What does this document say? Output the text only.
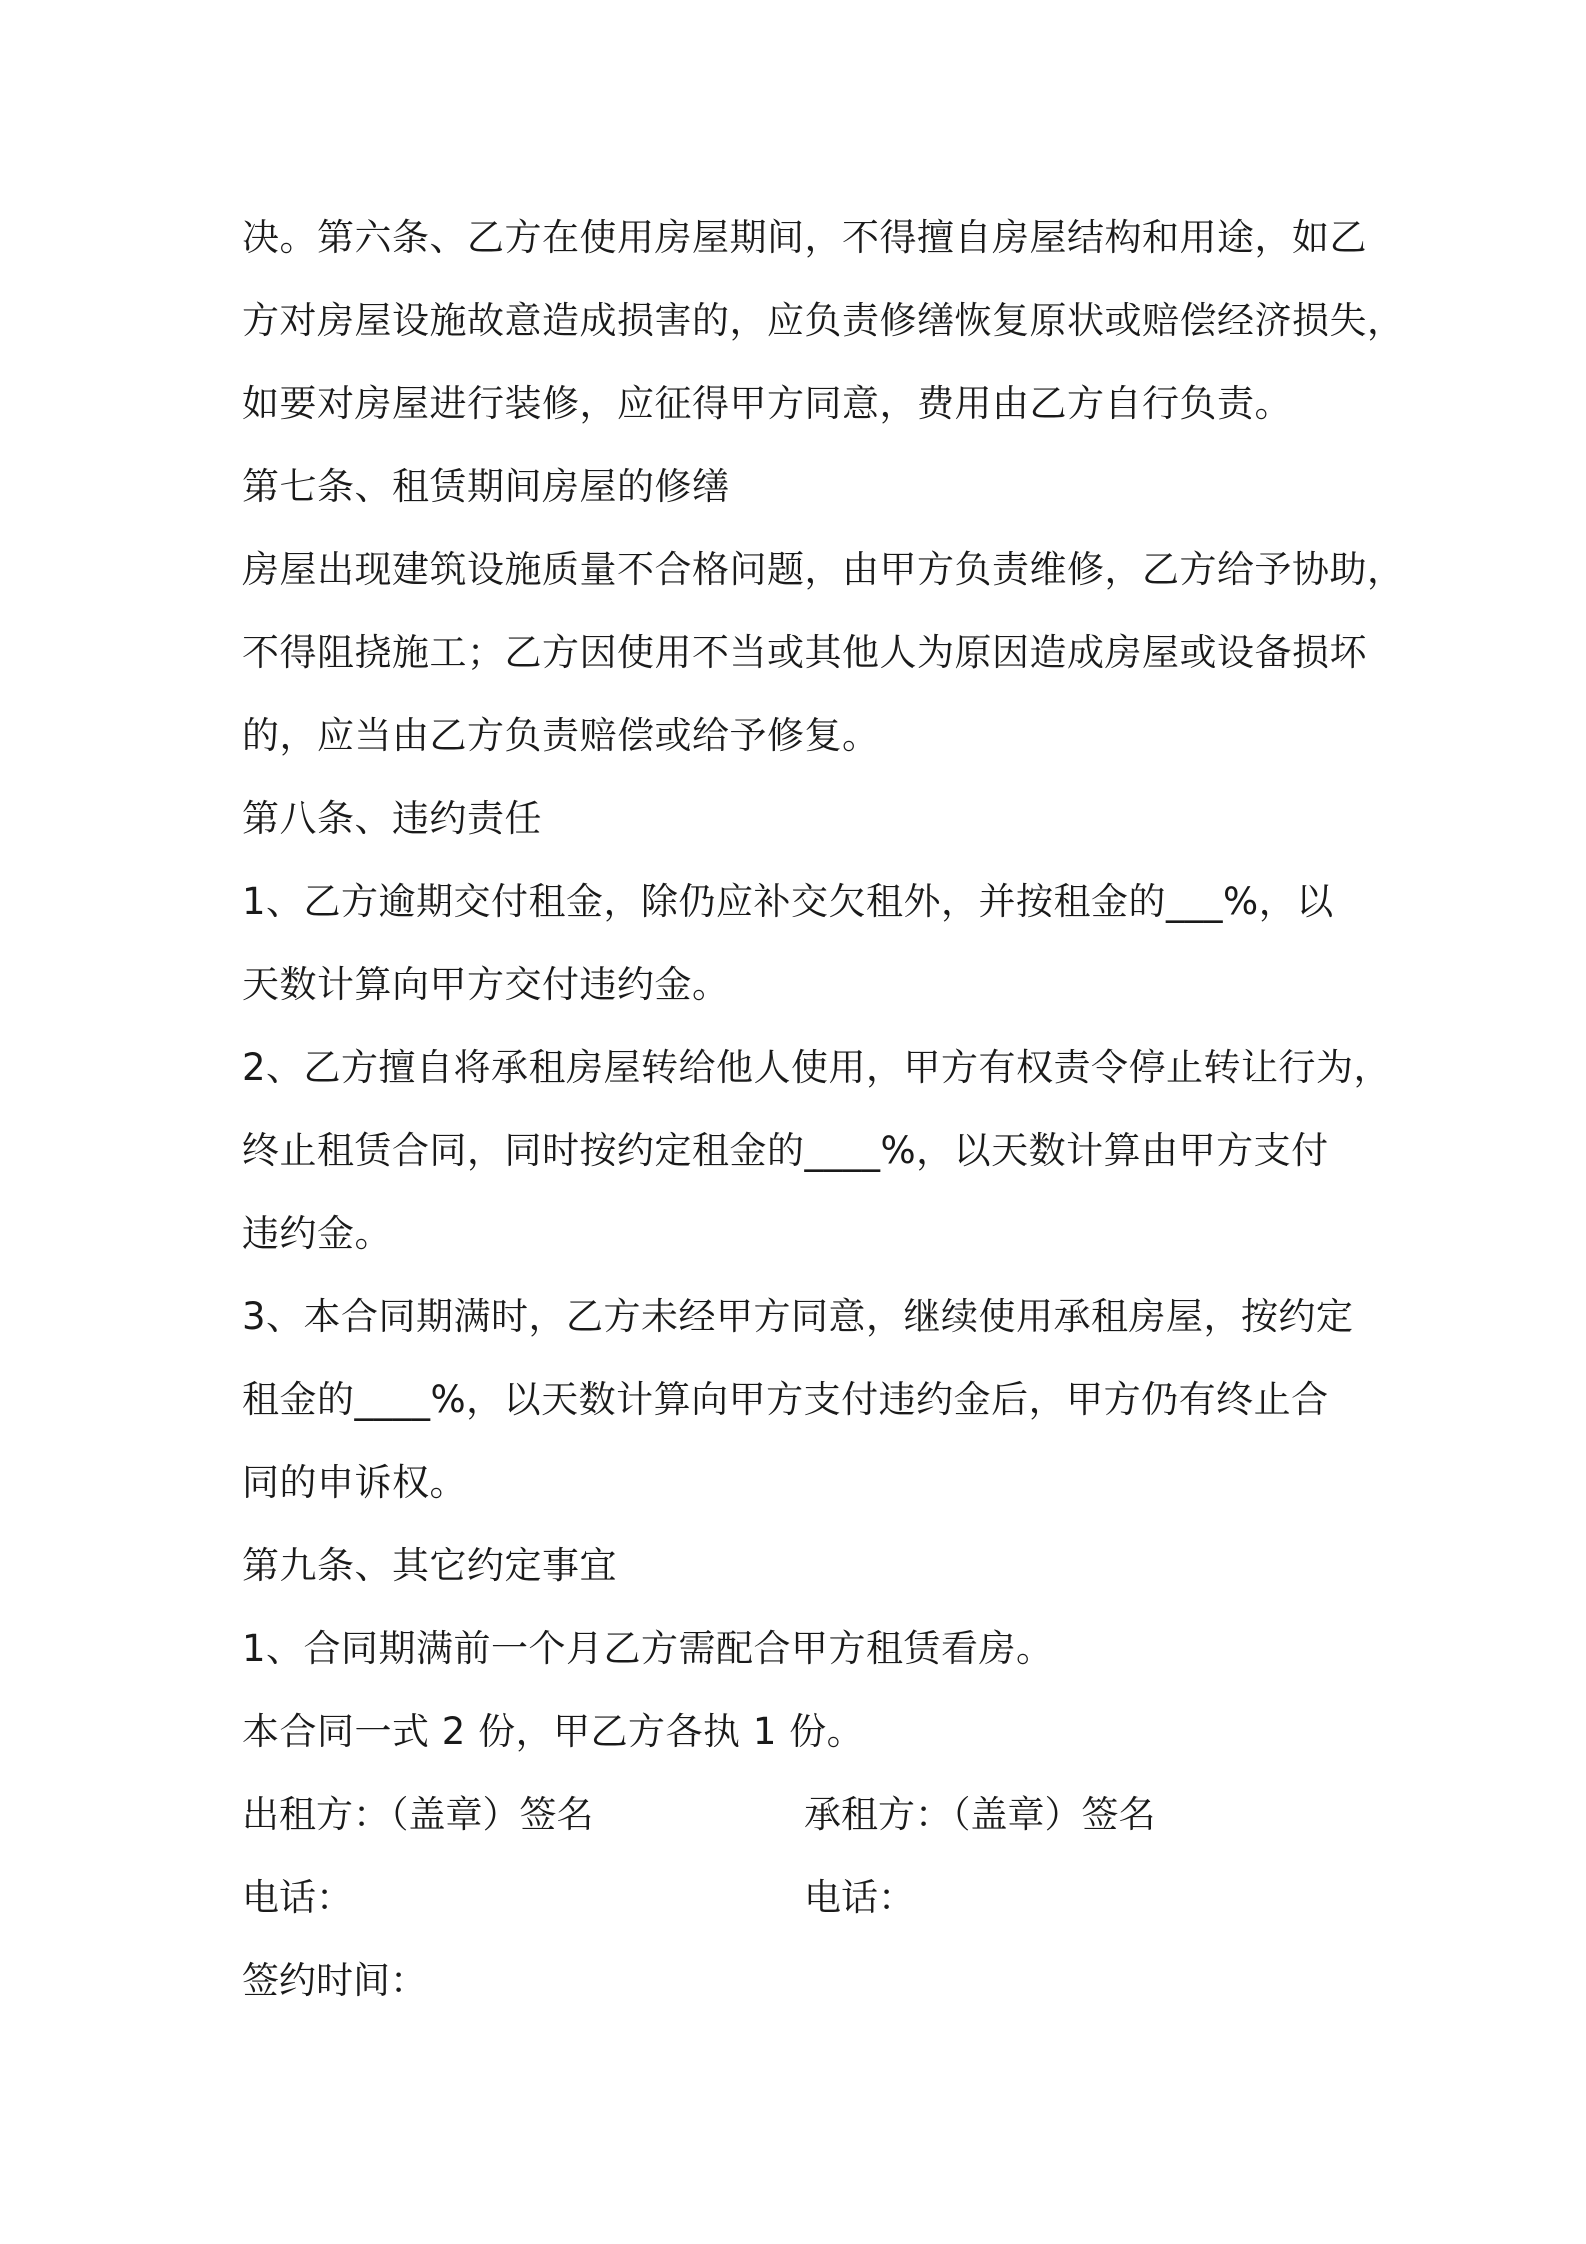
决。第六条、乙方在使用房屋期间，不得擅自房屋结构和用途，如乙
方对房屋设施故意造成损害的，应负责修缮恢复原状或赔偿经济损失，
如要对房屋进行装修，应征得甲方同意，费用由乙方自行负责。
第七条、租赁期间房屋的修缮
房屋出现建筑设施质量不合格问题，由甲方负责维修，乙方给予协助，
不得阻挠施工；乙方因使用不当或其他人为原因造成房屋或设备损坏
的，应当由乙方负责赔偿或给予修复。
第八条、违约责任
1、乙方逾期交付租金，除仍应补交欠租外，并按租金的___%，以
天数计算向甲方交付违约金。
2、乙方擅自将承租房屋转给他人使用，甲方有权责令停止转让行为，
终止租赁合同，同时按约定租金的____%，以天数计算由甲方支付
违约金。
3、本合同期满时，乙方未经甲方同意，继续使用承租房屋，按约定
租金的____%，以天数计算向甲方支付违约金后，甲方仍有终止合
同的申诉权。
第九条、其它约定事宜
1、合同期满前一个月乙方需配合甲方租赁看房。
本合同一式 2 份，甲乙方各执 1 份。
出租方：（盖章）签名	承租方：（盖章）签名
电话：	电话：
签约时间：
